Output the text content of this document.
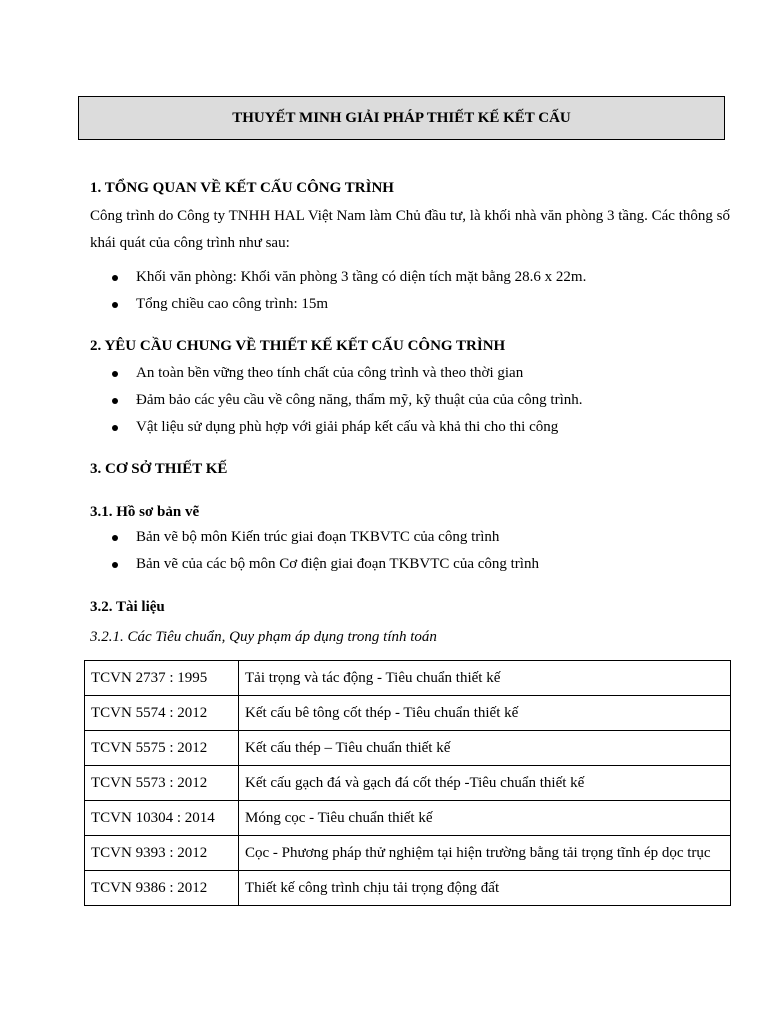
THUYẾT MINH GIẢI PHÁP THIẾT KẾ KẾT CẤU

1. TỔNG QUAN VỀ KẾT CẤU CÔNG TRÌNH

Công trình do Công ty TNHH HAL Việt Nam làm Chủ đầu tư, là khối nhà văn phòng 3 tầng. Các thông số khái quát của công trình như sau:

Khối văn phòng: Khối văn phòng 3 tầng có diện tích mặt bằng 28.6 x 22m.
Tổng chiều cao công trình: 15m

2. YÊU CẦU CHUNG VỀ THIẾT KẾ KẾT CẤU CÔNG TRÌNH

An toàn bền vững theo tính chất của công trình và theo thời gian
Đảm bảo các yêu cầu về công năng, thẩm mỹ, kỹ thuật của của công trình.
Vật liệu sử dụng phù hợp với giải pháp kết cấu và khả thi cho thi công

3. CƠ SỞ THIẾT KẾ

3.1. Hồ sơ bản vẽ

Bản vẽ bộ môn Kiến trúc giai đoạn TKBVTC của công trình
Bản vẽ của các bộ môn Cơ điện giai đoạn TKBVTC của công trình

3.2. Tài liệu

3.2.1. Các Tiêu chuẩn, Quy phạm áp dụng trong tính toán

TCVN 2737 : 1995	Tải trọng và tác động - Tiêu chuẩn thiết kế
TCVN 5574 : 2012	Kết cấu bê tông cốt thép - Tiêu chuẩn thiết kế
TCVN 5575 : 2012	Kết cấu thép – Tiêu chuẩn thiết kế
TCVN 5573 : 2012	Kết cấu gạch đá và gạch đá cốt thép -Tiêu chuẩn thiết kế
TCVN 10304 : 2014	Móng cọc - Tiêu chuẩn thiết kế
TCVN 9393 : 2012	Cọc - Phương pháp thử nghiệm tại hiện trường bằng tải trọng tĩnh ép dọc trục
TCVN 9386 : 2012	Thiết kế công trình chịu tải trọng động đất
